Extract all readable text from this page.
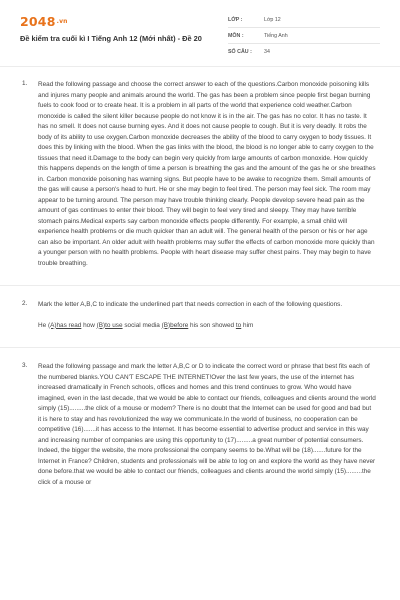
$2048^{.vn}$
Đề kiểm tra cuối kì I Tiếng Anh 12 (Mới nhất) - Đề 20
LỚP :	Lớp 12
MÔN :	Tiếng Anh
SỐ CÂU :	34
1. Read the following passage and choose the correct answer to each of the questions.Carbon monoxide poisoning kills and injures many people and animals around the world. The gas has been a problem since people first began burning fuels to cook food or to create heat. It is a problem in all parts of the world that experience cold weather.Carbon monoxide is called the silent killer because people do not know it is in the air. The gas has no color. It has no taste. It has no smell. It does not cause burning eyes. And it does not cause people to cough. But it is very deadly. It robs the body of its ability to use oxygen.Carbon monoxide decreases the ability of the blood to carry oxygen to body tissues. It does this by linking with the blood. When the gas links with the blood, the blood is no longer able to carry oxygen to the tissues that need it.Damage to the body can begin very quickly from large amounts of carbon monoxide. How quickly this happens depends on the length of time a person is breathing the gas and the amount of the gas he or she breathes in. Carbon monoxide poisoning has warning signs. But people have to be awake to recognize them. Small amounts of the gas will cause a person's head to hurt. He or she may begin to feel tired. The person may feel sick. The room may appear to be turning around. The person may have trouble thinking clearly. People develop severe head pain as the amount of gas continues to enter their blood. They will begin to feel very tired and sleepy. They may have terrible stomach pains.Medical experts say carbon monoxide effects people differently. For example, a small child will experience health problems or die much quicker than an adult will. The general health of the person or his or her age can also be important. An older adult with health problems may suffer the effects of carbon monoxide more quickly than a younger person with no health problems. People with heart disease may suffer chest pains. They may begin to have trouble breathing.
2. Mark the letter A,B,C to indicate the underlined part that needs correction in each of the following questions.
He (A)has read how (B)to use social media (B)before his son showed to him
3. Read the following passage and mark the letter A,B,C or D to indicate the correct word or phrase that best fits each of the numbered blanks.YOU CAN'T ESCAPE THE INTERNET!Over the last few years, the use of the internet has increased dramatically in French schools, offices and homes and this trend continues to grow. Who would have imagined, even in the last decade, that we would be able to contact our friends, colleagues and clients around the world simply (15).........the click of a mouse or modem? There is no doubt that the Internet can be used for good and bad but it is here to stay and has revolutionized the way we communicate.In the world of business, no cooperation can be competitive (16).......it has access to the Internet. It has become essential to advertise product and service in this way and increasing number of companies are using this opportunity to (17).........a great number of potential consumers. Indeed, the bigger the website, the more professional the company seems to be.What will be (18).......future for the Internet in France? Children, students and professionals will be able to log on and explore the world as they have never done before.that we would be able to contact our friends, colleagues and clients around the world simply (15).........the click of a mouse or
